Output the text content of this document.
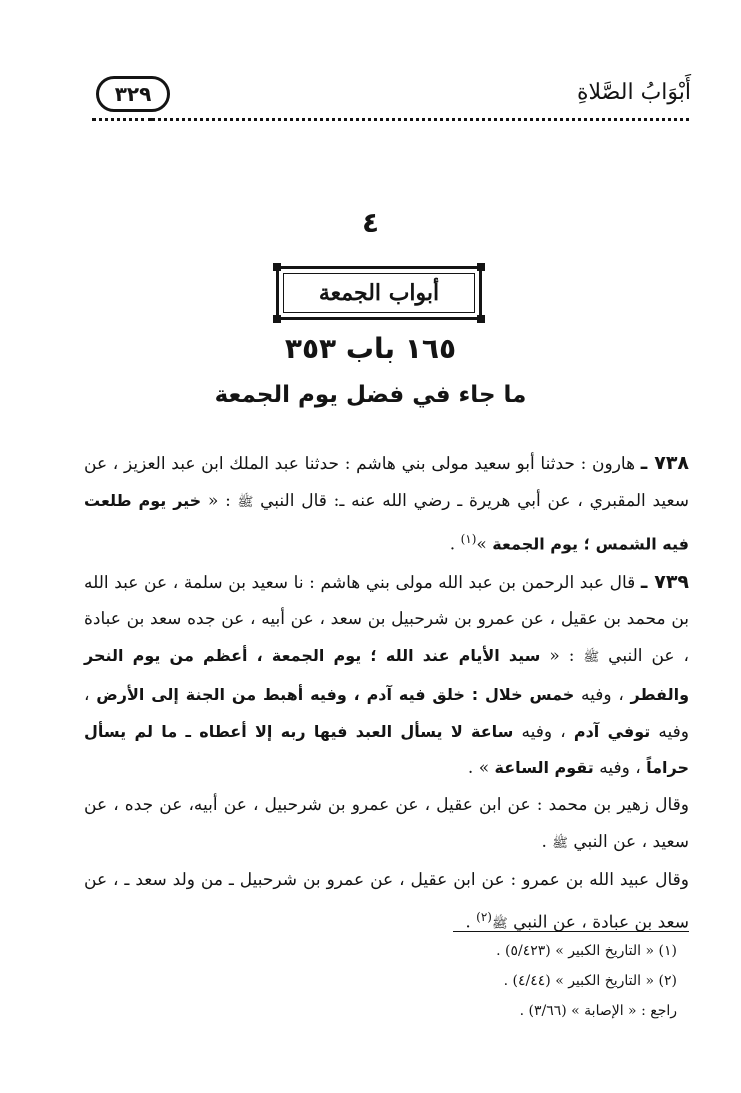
أَبْوَابُ الصَّلاةِ
٣٢٩
٤
أبواب الجمعة
١٦٥ باب ٣٥٣
ما جاء في فضل يوم الجمعة

٧٣٨ ـ هارون : حدثنا أبو سعيد مولى بني هاشم : حدثنا عبد الملك ابن عبد العزيز ، عن سعيد المقبري ، عن أبي هريرة ـ رضي الله عنه ـ: قال النبي ﷺ : « خير يوم طلعت فيه الشمس ؛ يوم الجمعة »$^{(١)}$ .

٧٣٩ ـ قال عبد الرحمن بن عبد الله مولى بني هاشم : نا سعيد بن سلمة ، عن عبد الله بن محمد بن عقيل ، عن عمرو بن شرحبيل بن سعد ، عن أبيه ، عن جده سعد بن عبادة ، عن النبي ﷺ : « سيد الأيام عند الله ؛ يوم الجمعة ، أعظم من يوم النحر والفطر ، وفيه خمس خلال : خلق فيه آدم ، وفيه أهبط من الجنة إلى الأرض ، وفيه توفي آدم ، وفيه ساعة لا يسأل العبد فيها ربه إلا أعطاه ـ ما لم يسأل حراماً ، وفيه تقوم الساعة » .

وقال زهير بن محمد : عن ابن عقيل ، عن عمرو بن شرحبيل ، عن أبيه، عن جده ، عن سعيد ، عن النبي ﷺ .

وقال عبيد الله بن عمرو : عن ابن عقيل ، عن عمرو بن شرحبيل ـ من ولد سعد ـ ، عن سعد بن عبادة ، عن النبي ﷺ$^{(٢)}$ .

(١) « التاريخ الكبير » (٥/٤٢٣) .
(٢) « التاريخ الكبير » (٤/٤٤) .
راجع : « الإصابة » (٣/٦٦) .
